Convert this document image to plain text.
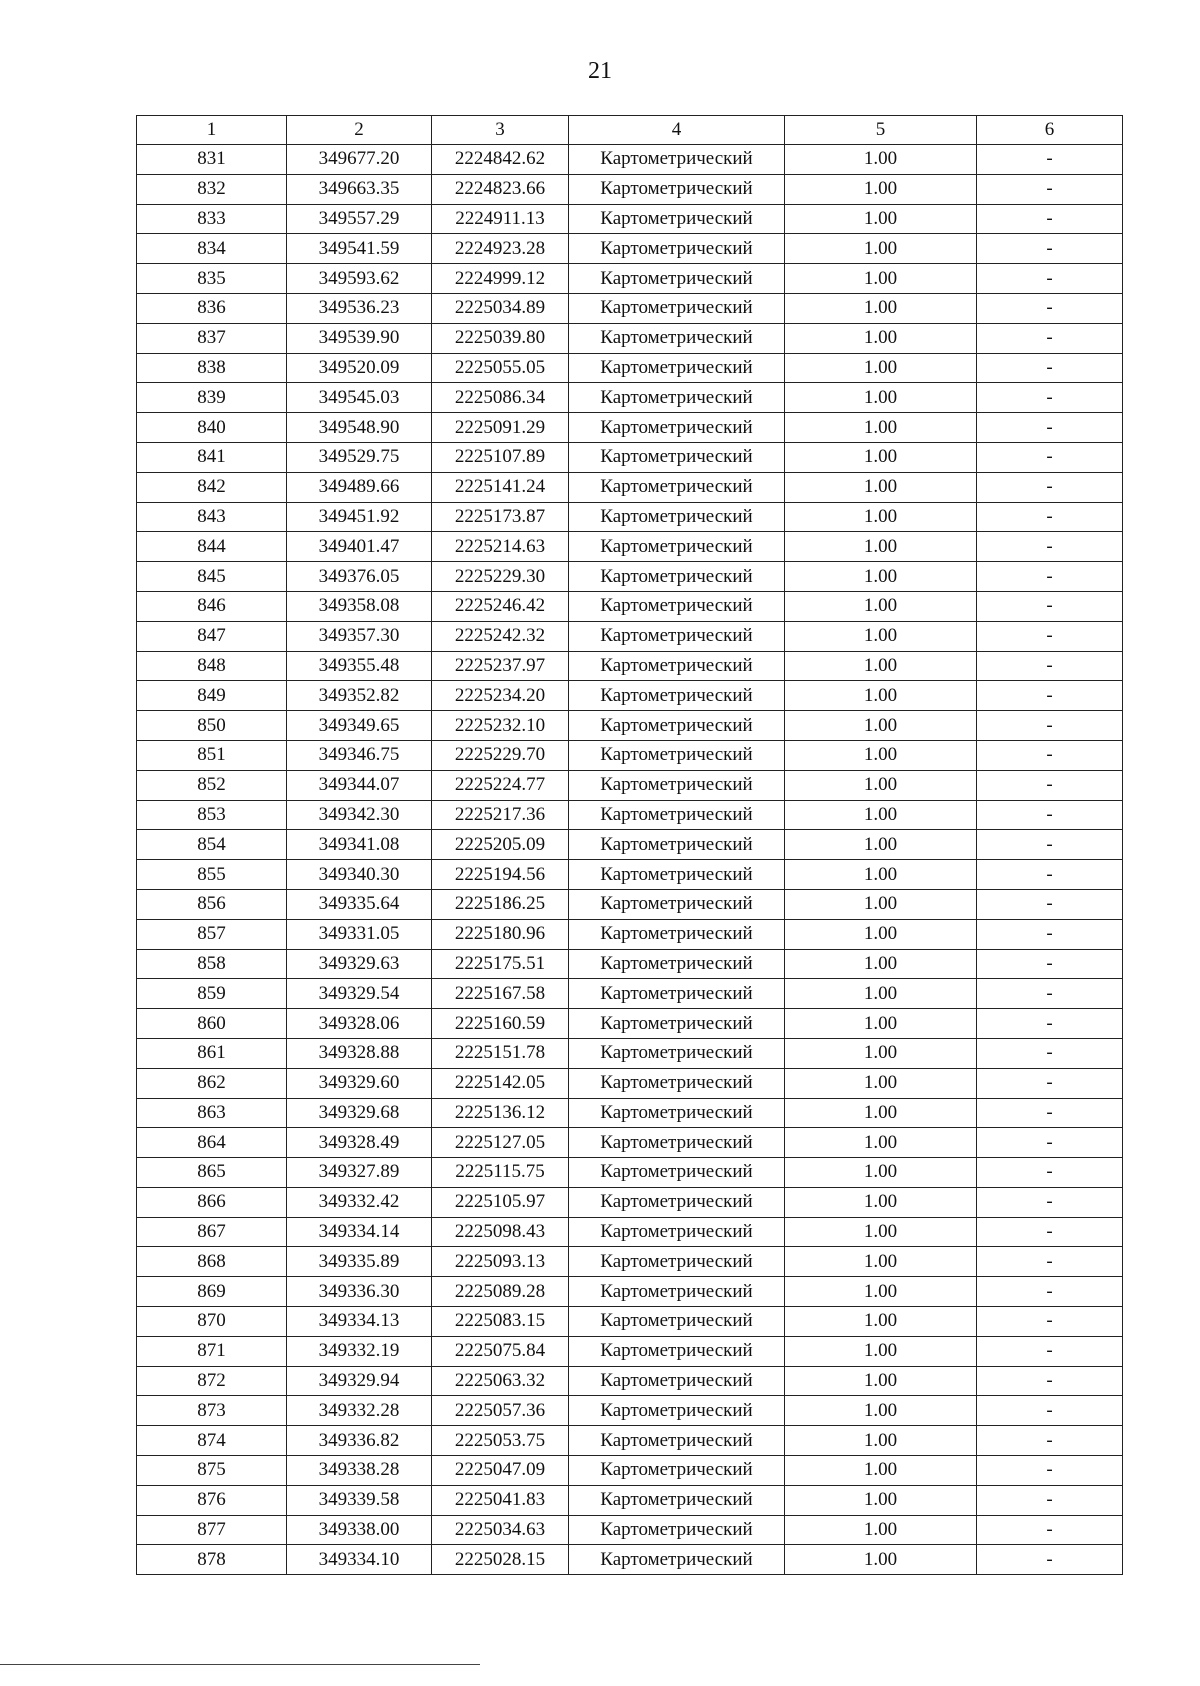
21
1	2	3	4	5	6
831	349677.20	2224842.62	Картометрический	1.00	-
832	349663.35	2224823.66	Картометрический	1.00	-
833	349557.29	2224911.13	Картометрический	1.00	-
834	349541.59	2224923.28	Картометрический	1.00	-
835	349593.62	2224999.12	Картометрический	1.00	-
836	349536.23	2225034.89	Картометрический	1.00	-
837	349539.90	2225039.80	Картометрический	1.00	-
838	349520.09	2225055.05	Картометрический	1.00	-
839	349545.03	2225086.34	Картометрический	1.00	-
840	349548.90	2225091.29	Картометрический	1.00	-
841	349529.75	2225107.89	Картометрический	1.00	-
842	349489.66	2225141.24	Картометрический	1.00	-
843	349451.92	2225173.87	Картометрический	1.00	-
844	349401.47	2225214.63	Картометрический	1.00	-
845	349376.05	2225229.30	Картометрический	1.00	-
846	349358.08	2225246.42	Картометрический	1.00	-
847	349357.30	2225242.32	Картометрический	1.00	-
848	349355.48	2225237.97	Картометрический	1.00	-
849	349352.82	2225234.20	Картометрический	1.00	-
850	349349.65	2225232.10	Картометрический	1.00	-
851	349346.75	2225229.70	Картометрический	1.00	-
852	349344.07	2225224.77	Картометрический	1.00	-
853	349342.30	2225217.36	Картометрический	1.00	-
854	349341.08	2225205.09	Картометрический	1.00	-
855	349340.30	2225194.56	Картометрический	1.00	-
856	349335.64	2225186.25	Картометрический	1.00	-
857	349331.05	2225180.96	Картометрический	1.00	-
858	349329.63	2225175.51	Картометрический	1.00	-
859	349329.54	2225167.58	Картометрический	1.00	-
860	349328.06	2225160.59	Картометрический	1.00	-
861	349328.88	2225151.78	Картометрический	1.00	-
862	349329.60	2225142.05	Картометрический	1.00	-
863	349329.68	2225136.12	Картометрический	1.00	-
864	349328.49	2225127.05	Картометрический	1.00	-
865	349327.89	2225115.75	Картометрический	1.00	-
866	349332.42	2225105.97	Картометрический	1.00	-
867	349334.14	2225098.43	Картометрический	1.00	-
868	349335.89	2225093.13	Картометрический	1.00	-
869	349336.30	2225089.28	Картометрический	1.00	-
870	349334.13	2225083.15	Картометрический	1.00	-
871	349332.19	2225075.84	Картометрический	1.00	-
872	349329.94	2225063.32	Картометрический	1.00	-
873	349332.28	2225057.36	Картометрический	1.00	-
874	349336.82	2225053.75	Картометрический	1.00	-
875	349338.28	2225047.09	Картометрический	1.00	-
876	349339.58	2225041.83	Картометрический	1.00	-
877	349338.00	2225034.63	Картометрический	1.00	-
878	349334.10	2225028.15	Картометрический	1.00	-
